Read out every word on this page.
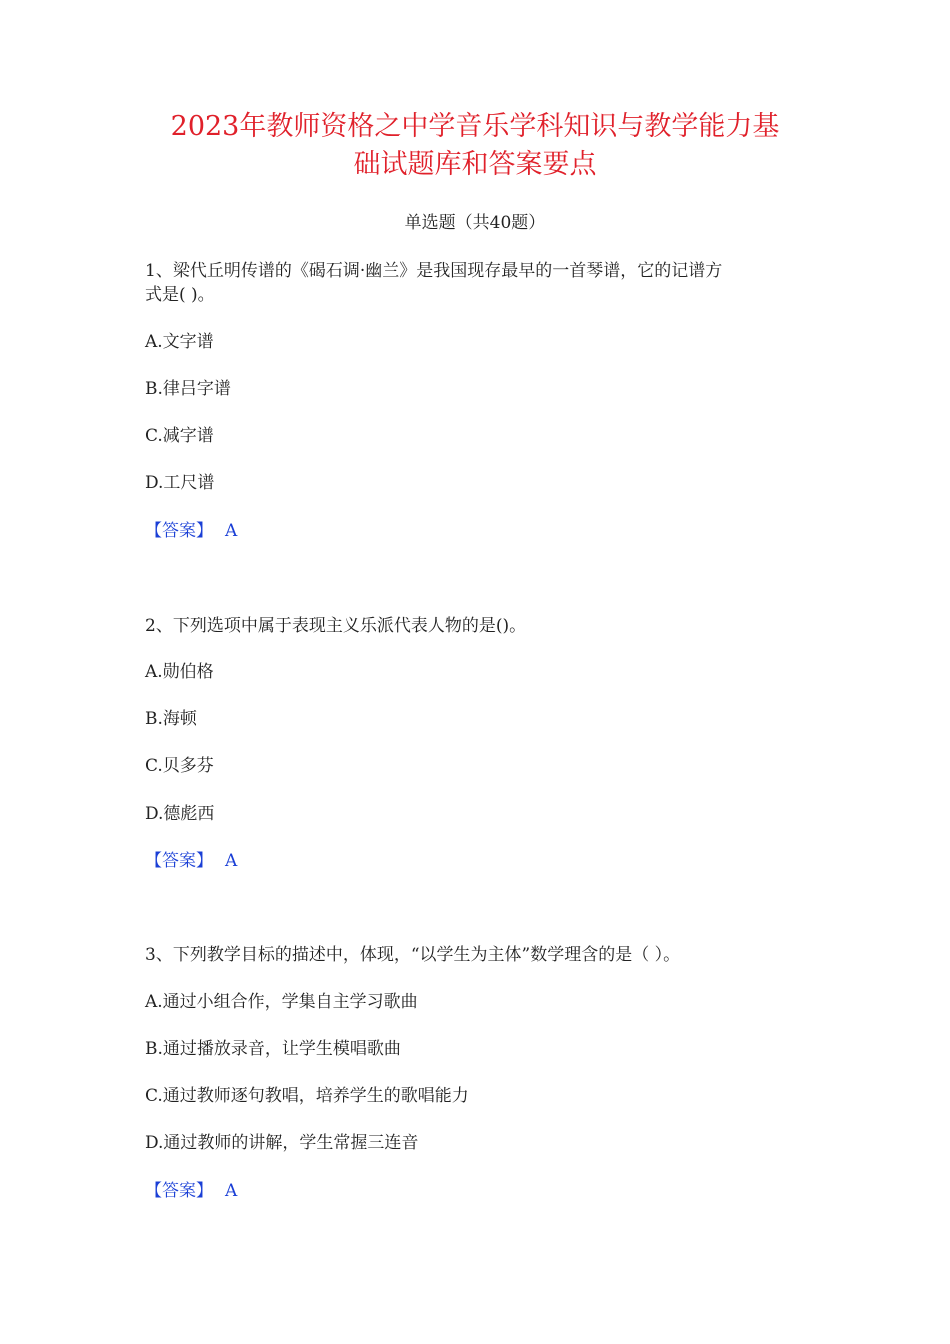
2023年教师资格之中学音乐学科知识与教学能力基
础试题库和答案要点
单选题（共40题）
1、梁代丘明传谱的《碣石调·幽兰》是我国现存最早的一首琴谱，它的记谱方
式是( )。
A.文字谱
B.律吕字谱
C.减字谱
D.工尺谱
【答案】 A
2、下列选项中属于表现主义乐派代表人物的是()。
A.勋伯格
B.海顿
C.贝多芬
D.德彪西
【答案】 A
3、下列教学目标的描述中，体现，“以学生为主体”数学理含的是（ ）。
A.通过小组合作，学集自主学习歌曲
B.通过播放录音，让学生模唱歌曲
C.通过教师逐句教唱，培养学生的歌唱能力
D.通过教师的讲解，学生常握三连音
【答案】 A
